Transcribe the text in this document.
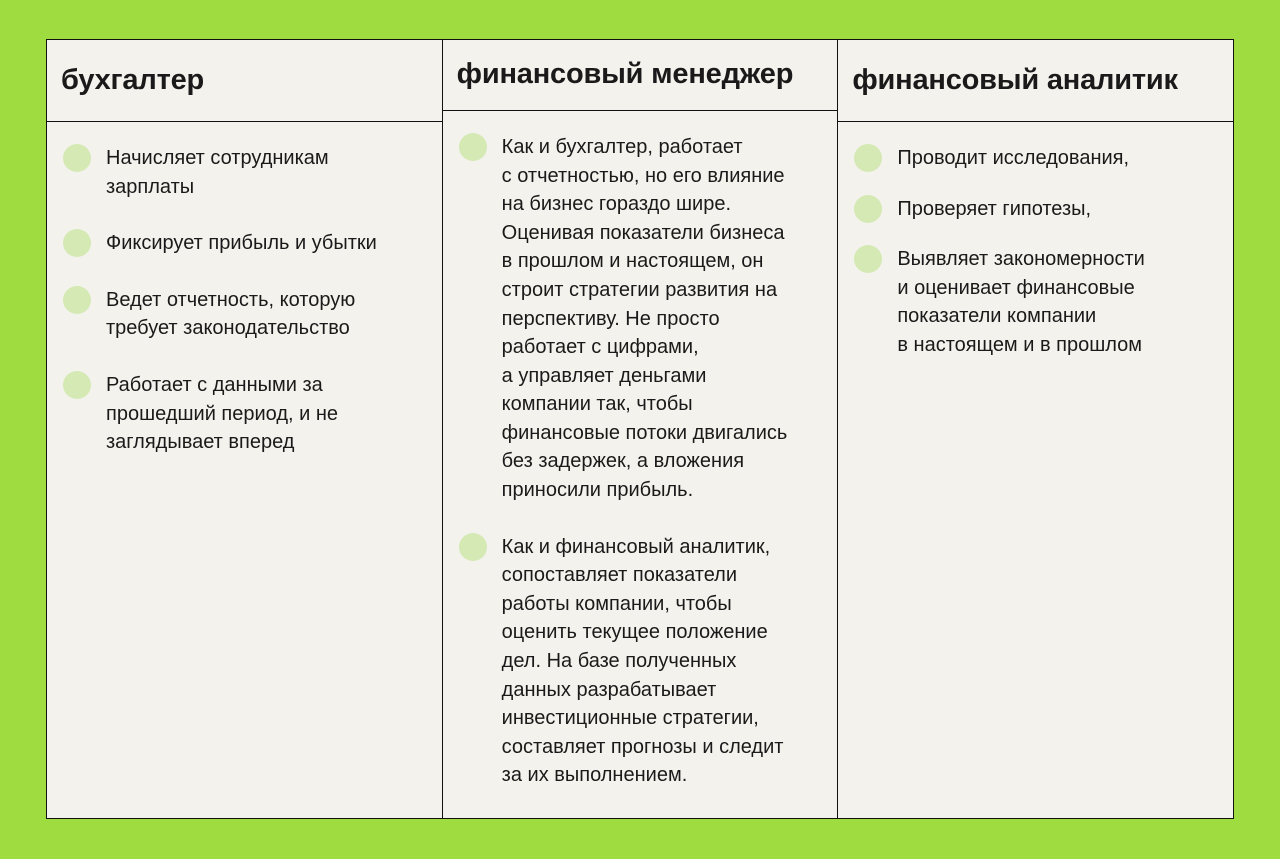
бухгалтер
Начисляет сотрудникам
зарплаты
Фиксирует прибыль и убытки
Ведет отчетность, которую
требует законодательство
Работает с данными за
прошедший период, и не
заглядывает вперед
финансовый менеджер
Как и бухгалтер, работает
с отчетностью, но его влияние
на бизнес гораздо шире.
Оценивая показатели бизнеса
в прошлом и настоящем, он
строит стратегии развития на
перспективу. Не просто
работает с цифрами,
а управляет деньгами
компании так, чтобы
финансовые потоки двигались
без задержек, а вложения
приносили прибыль.
Как и финансовый аналитик,
сопоставляет показатели
работы компании, чтобы
оценить текущее положение
дел. На базе полученных
данных разрабатывает
инвестиционные стратегии,
составляет прогнозы и следит
за их выполнением.
финансовый аналитик
Проводит исследования,
Проверяет гипотезы,
Выявляет закономерности
и оценивает финансовые
показатели компании
в настоящем и в прошлом
